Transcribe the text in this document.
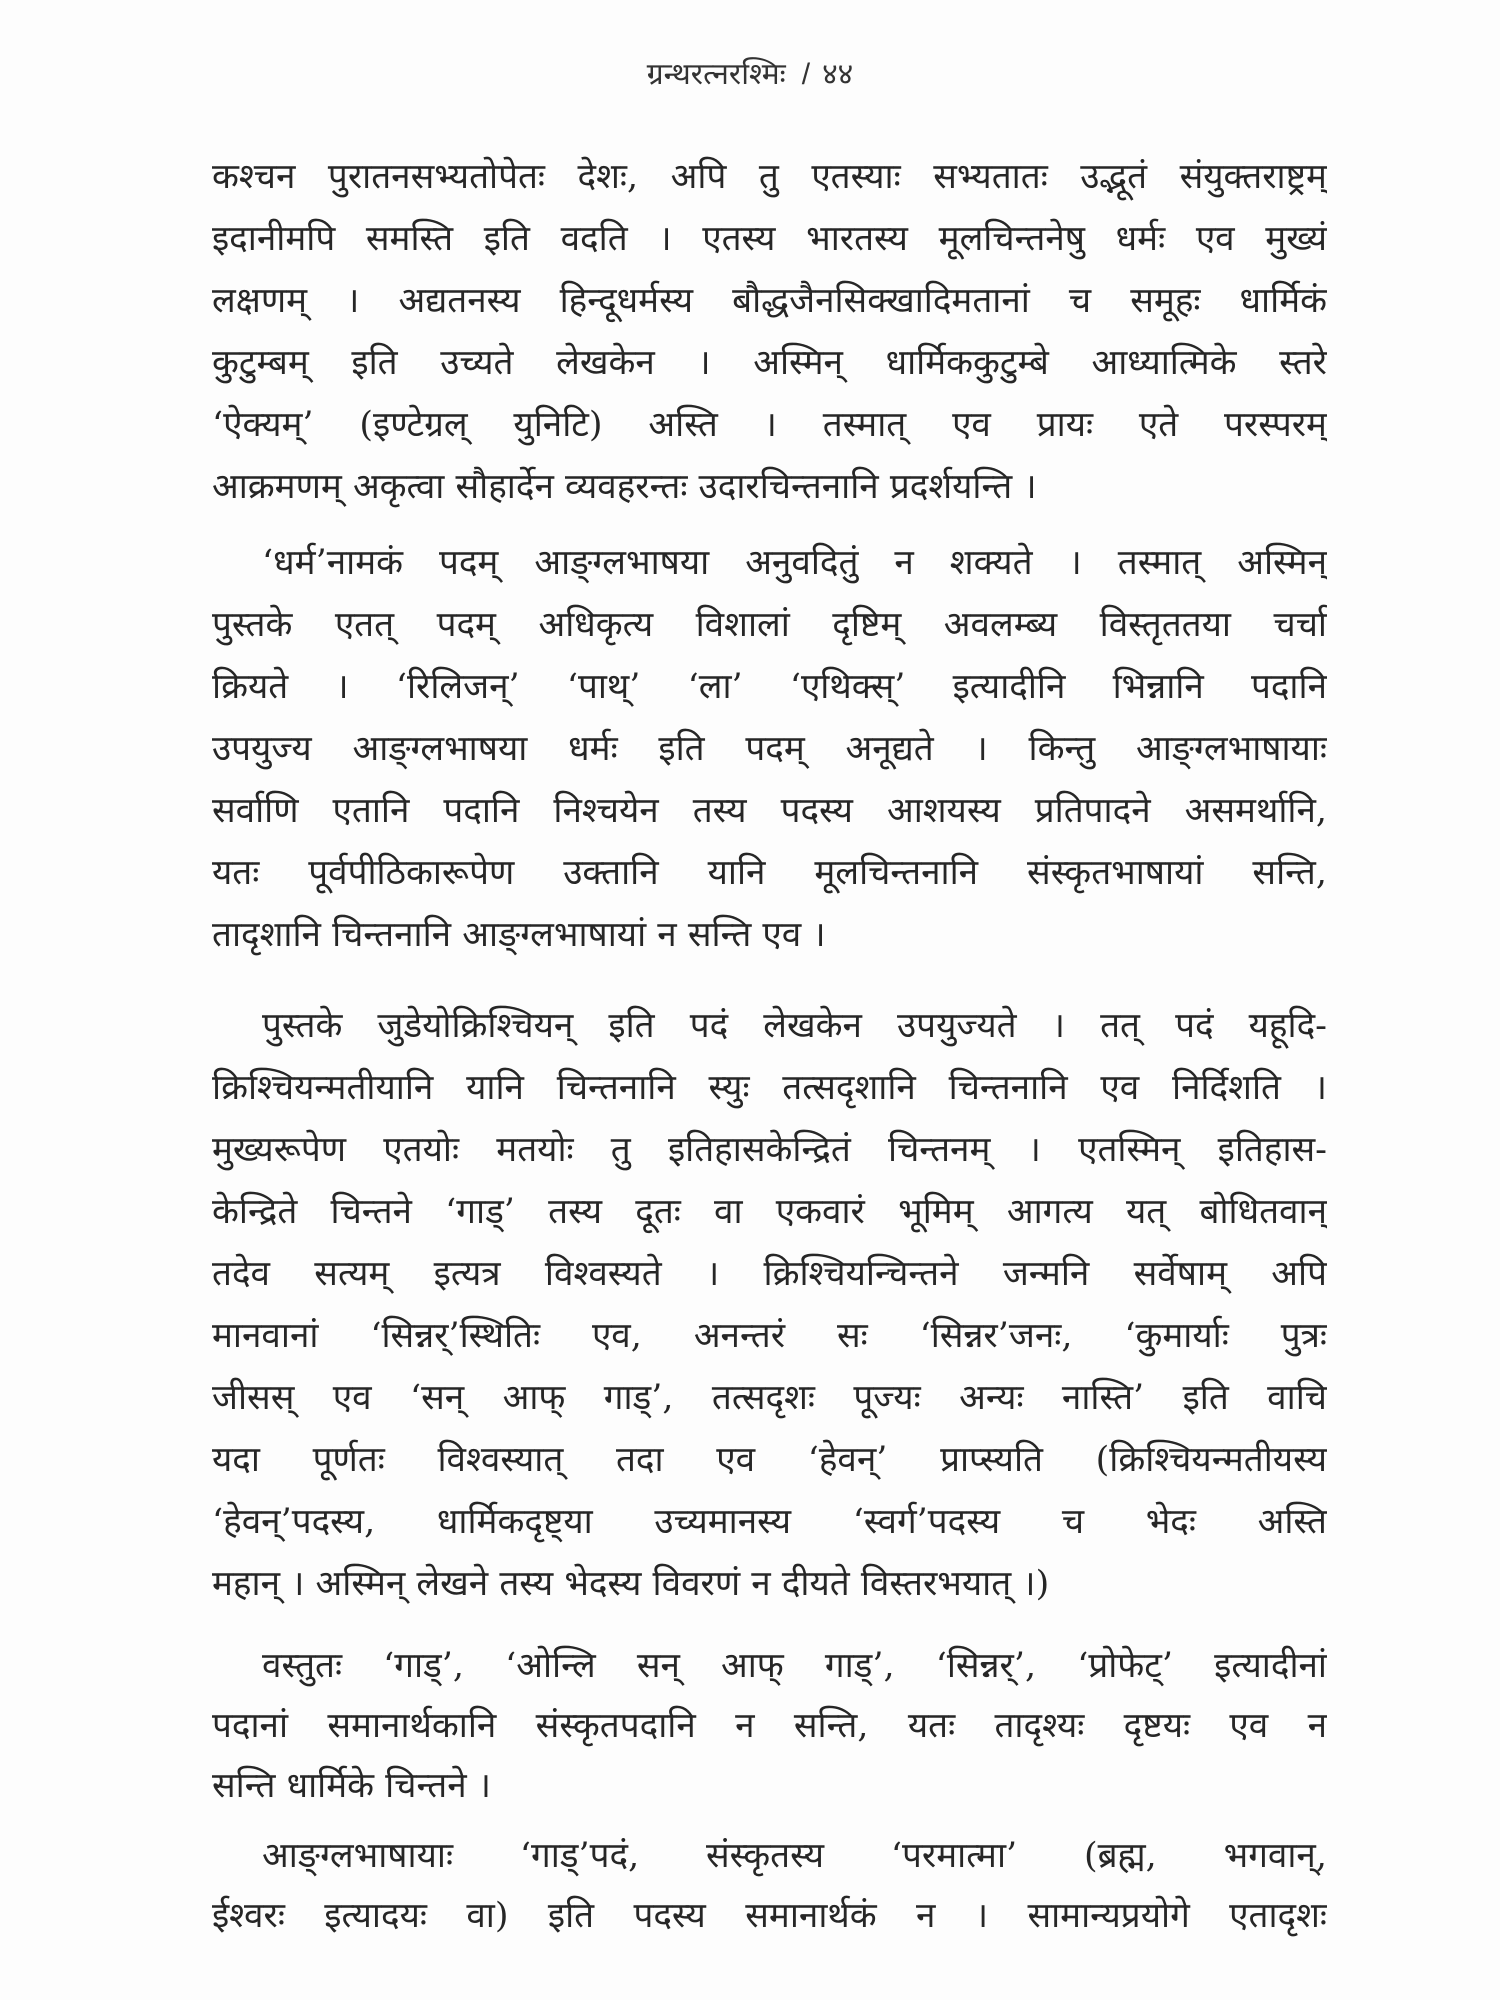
ग्रन्थरत्नरश्मिः / ४४
कश्चन पुरातनसभ्यतोपेतः देशः, अपि तु एतस्याः सभ्यतातः उद्भूतं संयुक्तराष्ट्रम्
इदानीमपि समस्ति इति वदति । एतस्य भारतस्य मूलचिन्तनेषु धर्मः एव मुख्यं
लक्षणम् । अद्यतनस्य हिन्दूधर्मस्य बौद्धजैनसिक्खादिमतानां च समूहः धार्मिकं
कुटुम्बम् इति उच्यते लेखकेन । अस्मिन् धार्मिककुटुम्बे आध्यात्मिके स्तरे
‘ऐक्यम्’ (इण्टेग्रल् युनिटि) अस्ति । तस्मात् एव प्रायः एते परस्परम्
आक्रमणम् अकृत्वा सौहार्देन व्यवहरन्तः उदारचिन्तनानि प्रदर्शयन्ति ।
‘धर्म’नामकं पदम् आङ्ग्लभाषया अनुवदितुं न शक्यते । तस्मात् अस्मिन्
पुस्तके एतत् पदम् अधिकृत्य विशालां दृष्टिम् अवलम्ब्य विस्तृततया चर्चा
क्रियते । ‘रिलिजन्’ ‘पाथ्’ ‘ला’ ‘एथिक्स्’ इत्यादीनि भिन्नानि पदानि
उपयुज्य आङ्ग्लभाषया धर्मः इति पदम् अनूद्यते । किन्तु आङ्ग्लभाषायाः
सर्वाणि एतानि पदानि निश्चयेन तस्य पदस्य आशयस्य प्रतिपादने असमर्थानि,
यतः पूर्वपीठिकारूपेण उक्तानि यानि मूलचिन्तनानि संस्कृतभाषायां सन्ति,
तादृशानि चिन्तनानि आङ्ग्लभाषायां न सन्ति एव ।
पुस्तके जुडेयोक्रिश्चियन् इति पदं लेखकेन उपयुज्यते । तत् पदं यहूदि-
क्रिश्चियन्मतीयानि यानि चिन्तनानि स्युः तत्सदृशानि चिन्तनानि एव निर्दिशति ।
मुख्यरूपेण एतयोः मतयोः तु इतिहासकेन्द्रितं चिन्तनम् । एतस्मिन् इतिहास-
केन्द्रिते चिन्तने ‘गाड्’ तस्य दूतः वा एकवारं भूमिम् आगत्य यत् बोधितवान्
तदेव सत्यम् इत्यत्र विश्वस्यते । क्रिश्चियन्चिन्तने जन्मनि सर्वेषाम् अपि
मानवानां ‘सिन्नर्’स्थितिः एव, अनन्तरं सः ‘सिन्नर’जनः, ‘कुमार्याः पुत्रः
जीसस् एव ‘सन् आफ् गाड्’, तत्सदृशः पूज्यः अन्यः नास्ति’ इति वाचि
यदा पूर्णतः विश्वस्यात् तदा एव ‘हेवन्’ प्राप्स्यति (क्रिश्चियन्मतीयस्य
‘हेवन्’पदस्य, धार्मिकदृष्ट्या उच्यमानस्य ‘स्वर्ग’पदस्य च भेदः अस्ति
महान् । अस्मिन् लेखने तस्य भेदस्य विवरणं न दीयते विस्तरभयात् ।)
वस्तुतः ‘गाड्’, ‘ओन्लि सन् आफ् गाड्’, ‘सिन्नर्’, ‘प्रोफेट्’ इत्यादीनां
पदानां समानार्थकानि संस्कृतपदानि न सन्ति, यतः तादृश्यः दृष्टयः एव न
सन्ति धार्मिके चिन्तने ।
आङ्ग्लभाषायाः ‘गाड्’पदं, संस्कृतस्य ‘परमात्मा’ (ब्रह्म, भगवान्,
ईश्वरः इत्यादयः वा) इति पदस्य समानार्थकं न । सामान्यप्रयोगे एतादृशः
